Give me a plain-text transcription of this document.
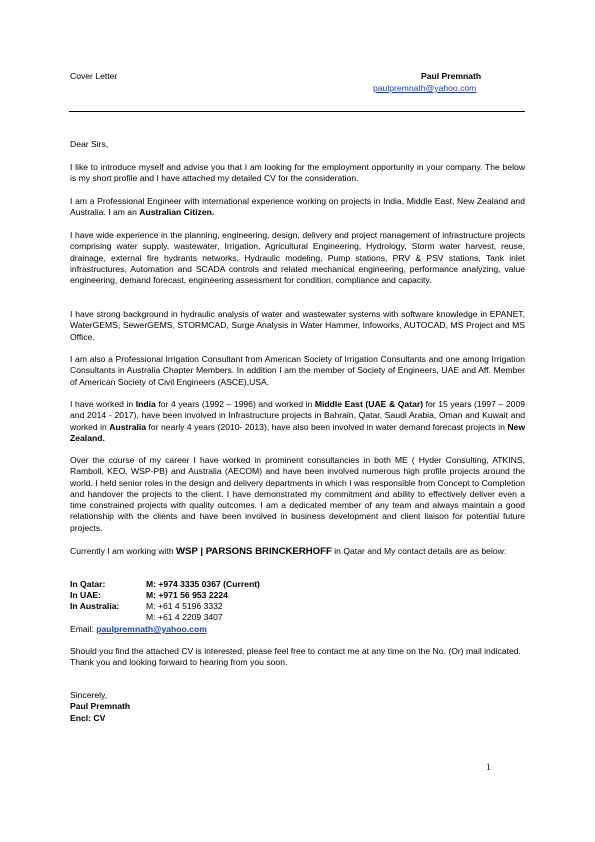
Cover Letter	Paul Premnath
paulpremnath@yahoo.com

Dear Sirs,

I like to introduce myself and advise you that I am looking for the employment opportunity in your company. The below is my short profile and I have attached my detailed CV for the consideration.

I am a Professional Engineer with international experience working on projects in India, Middle East, New Zealand and Australia. I am an Australian Citizen.

I have wide experience in the planning, engineering, design, delivery and project management of infrastructure projects comprising water supply, wastewater, Irrigation, Agricultural Engineering, Hydrology, Storm water harvest, reuse, drainage, external fire hydrants networks, Hydraulic modeling, Pump stations, PRV & PSV stations, Tank inlet infrastructures, Automation and SCADA controls and related mechanical engineering, performance analyzing, value engineering, demand forecast, engineering assessment for condition, compliance and capacity.

I have strong background in hydraulic analysis of water and wastewater systems with software knowledge in EPANET, WaterGEMS, SewerGEMS, STORMCAD, Surge Analysis in Water Hammer, Infoworks, AUTOCAD, MS Project and MS Office.

I am also a Professional Irrigation Consultant from American Society of Irrigation Consultants and one among Irrigation Consultants in Australia Chapter Members. In addition I am the member of Society of Engineers, UAE and Aff. Member of American Society of Civil Engineers (ASCE),USA.

I have worked in India for 4 years (1992 – 1996) and worked in Middle East (UAE & Qatar) for 15 years (1997 – 2009 and 2014 - 2017), have been involved in Infrastructure projects in Bahrain, Qatar, Saudi Arabia, Oman and Kuwait and worked in Australia for nearly 4 years (2010- 2013), have also been involved in water demand forecast projects in New Zealand.

Over the course of my career I have worked in prominent consultancies in both ME ( Hyder Consulting, ATKINS, Ramboll, KEO, WSP-PB) and Australia (AECOM) and have been involved numerous high profile projects around the world. I held senior roles in the design and delivery departments in which I was responsible from Concept to Completion and handover the projects to the client. I have demonstrated my commitment and ability to effectively deliver even a time constrained projects with quality outcomes. I am a dedicated member of any team and always maintain a good relationship with the clients and have been involved in business development and client liaison for potential future projects.

Currently I am working with WSP | PARSONS BRINCKERHOFF in Qatar and My contact details are as below:

In Qatar:	M: +974 3335 0367 (Current)
In UAE:	M: +971 56 953 2224
In Australia:	M: +61 4 5196 3332
M: +61 4 2209 3407

Email: paulpremnath@yahoo.com

Should you find the attached CV is interested, please feel free to contact me at any time on the No. (Or) mail indicated.

Thank you and looking forward to hearing from you soon.

Sincerely,

Paul Premnath

Encl: CV

1
